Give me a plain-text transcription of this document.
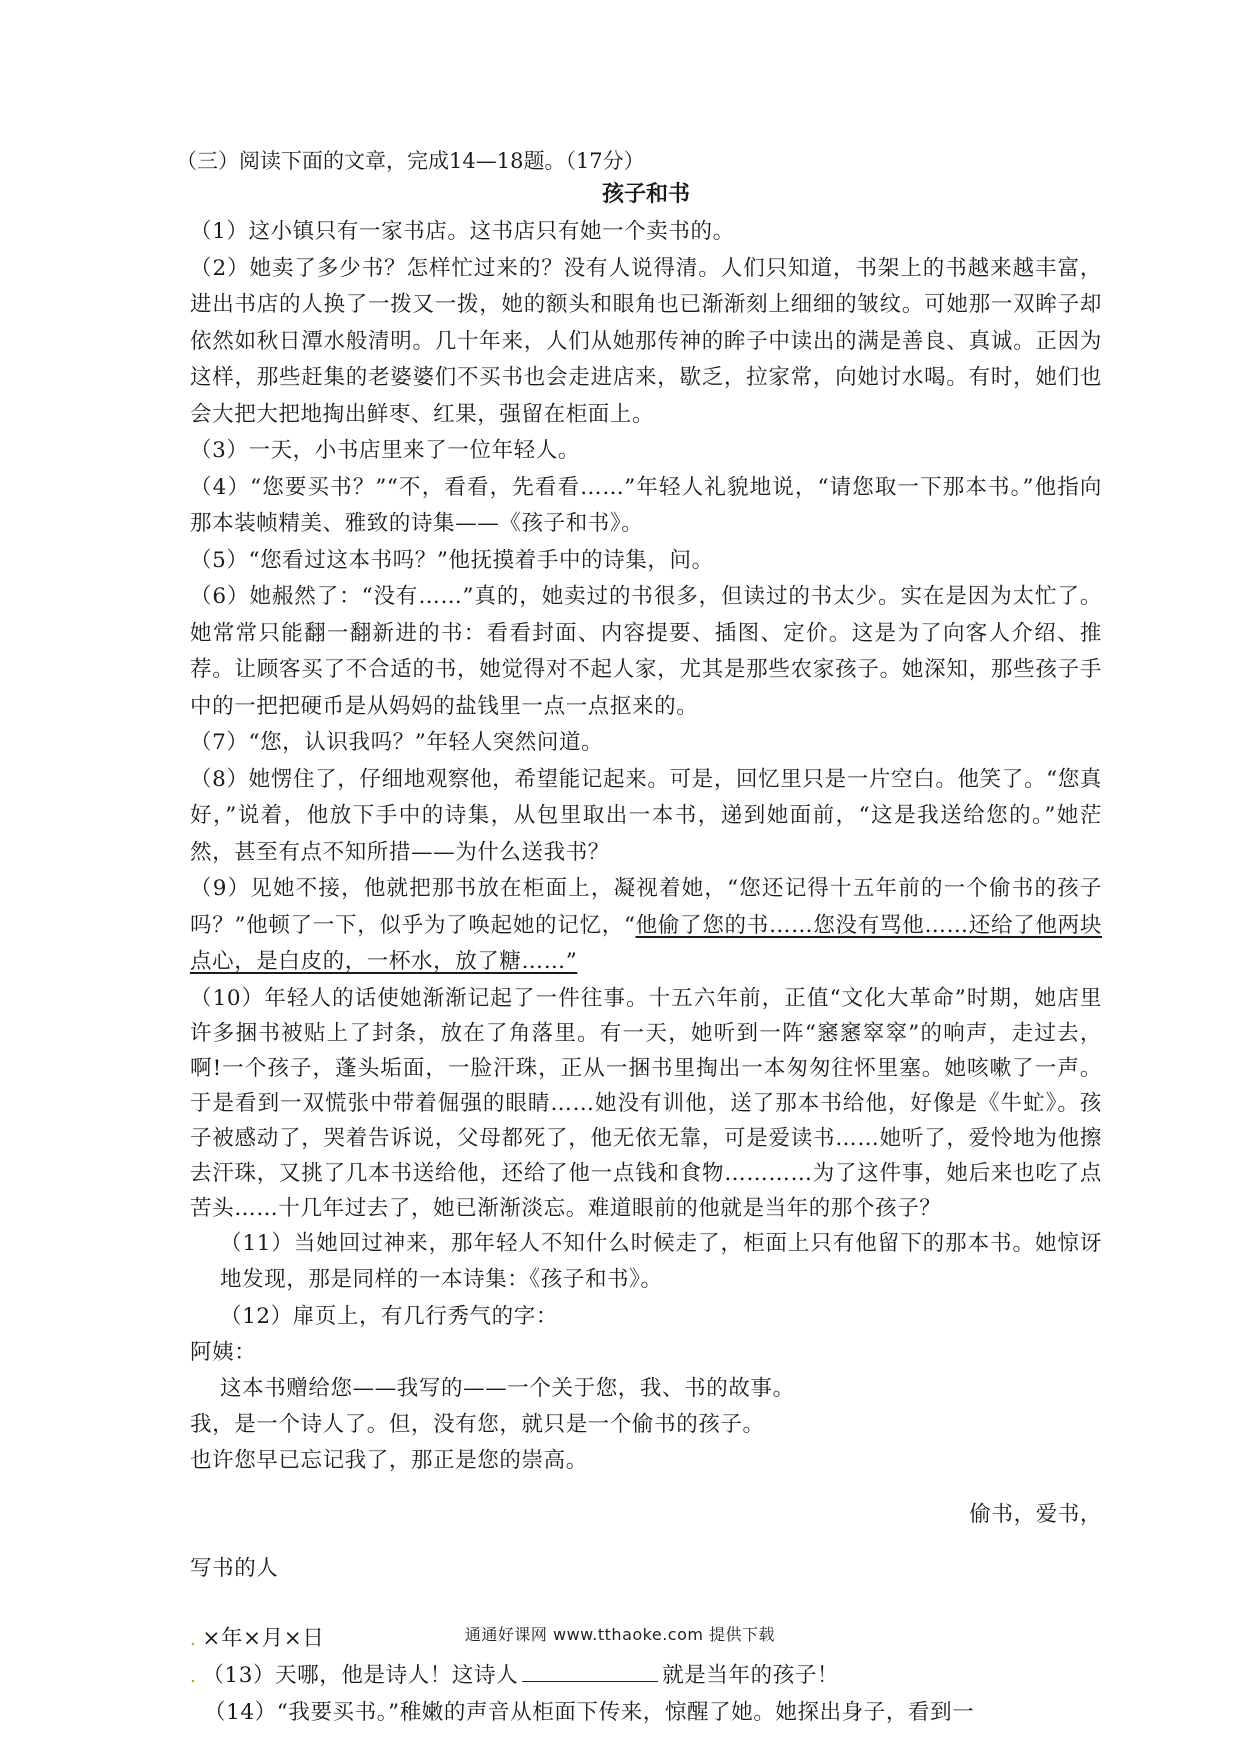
（三）阅读下面的文章，完成14—18题。（17分）
孩子和书

（1）这小镇只有一家书店。这书店只有她一个卖书的。

（2）她卖了多少书？怎样忙过来的？没有人说得清。人们只知道，书架上的书越来越丰富，进出书店的人换了一拨又一拨，她的额头和眼角也已渐渐刻上细细的皱纹。可她那一双眸子却依然如秋日潭水般清明。几十年来，人们从她那传神的眸子中读出的满是善良、真诚。正因为这样，那些赶集的老婆婆们不买书也会走进店来，歇乏，拉家常，向她讨水喝。有时，她们也会大把大把地掏出鲜枣、红果，强留在柜面上。

（3）一天，小书店里来了一位年轻人。

（4）“您要买书？”“不，看看，先看看……”年轻人礼貌地说，“请您取一下那本书。”他指向那本装帧精美、雅致的诗集——《孩子和书》。

（5）“您看过这本书吗？”他抚摸着手中的诗集，问。

（6）她赧然了：“没有……”真的，她卖过的书很多，但读过的书太少。实在是因为太忙了。她常常只能翻一翻新进的书：看看封面、内容提要、插图、定价。这是为了向客人介绍、推荐。让顾客买了不合适的书，她觉得对不起人家，尤其是那些农家孩子。她深知，那些孩子手中的一把把硬币是从妈妈的盐钱里一点一点抠来的。

（7）“您，认识我吗？”年轻人突然问道。

（8）她愣住了，仔细地观察他，希望能记起来。可是，回忆里只是一片空白。他笑了。“您真好，”说着，他放下手中的诗集，从包里取出一本书，递到她面前，“这是我送给您的。”她茫然，甚至有点不知所措——为什么送我书？

（9）见她不接，他就把那书放在柜面上，凝视着她，“您还记得十五年前的一个偷书的孩子吗？”他顿了一下，似乎为了唤起她的记忆，“他偷了您的书……您没有骂他……还给了他两块点心，是白皮的，一杯水，放了糖……”

（10）年轻人的话使她渐渐记起了一件往事。十五六年前，正值“文化大革命”时期，她店里许多捆书被贴上了封条，放在了角落里。有一天，她听到一阵“窸窸窣窣”的响声，走过去，啊!一个孩子，蓬头垢面，一脸汗珠，正从一捆书里掏出一本匆匆往怀里塞。她咳嗽了一声。于是看到一双慌张中带着倔强的眼睛……她没有训他，送了那本书给他，好像是《牛虻》。孩子被感动了，哭着告诉说，父母都死了，他无依无靠，可是爱读书……她听了，爱怜地为他擦去汗珠，又挑了几本书送给他，还给了他一点钱和食物…………为了这件事，她后来也吃了点苦头……十几年过去了，她已渐渐淡忘。难道眼前的他就是当年的那个孩子？

（11）当她回过神来，那年轻人不知什么时候走了，柜面上只有他留下的那本书。她惊讶地发现，那是同样的一本诗集：《孩子和书》。

（12）扉页上，有几行秀气的字：

阿姨：
这本书赠给您——我写的——一个关于您，我、书的故事。
我，是一个诗人了。但，没有您，就只是一个偷书的孩子。
也许您早已忘记我了，那正是您的崇高。
偷书，爱书，
写书的人
. ×年×月×日
. （13）天哪，他是诗人！这诗人	就是当年的孩子！
（14）“我要买书。”稚嫩的声音从柜面下传来，惊醒了她。她探出身子，看到一
通通好课网 www.tthaoke.com 提供下载
